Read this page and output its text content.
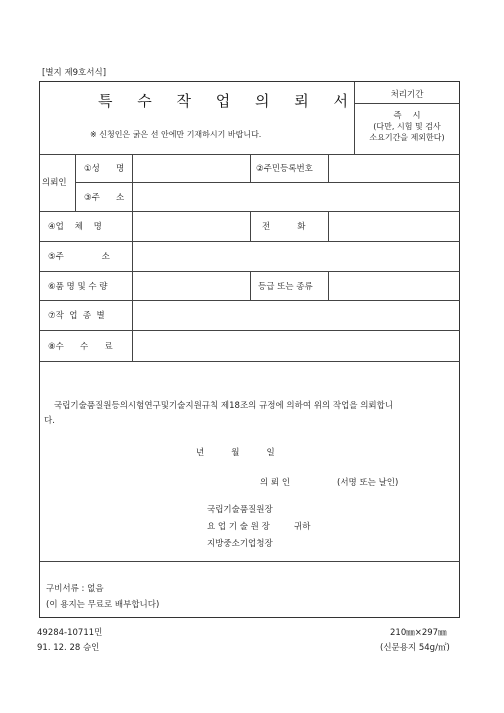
[별지 제9호서식]
특 수 작 업 의 뢰 서
※ 신청인은 굵은 선 안에만 기재하시기 바랍니다.
처리기간
즉    시
(다만, 시험 및 검사
소요기간을 제외한다)
의뢰인
①성      명	②주민등록번호
③주      소
④업    체    명	전          화
⑤주              소
⑥품 명 및 수 량	등급 또는 종류
⑦작  업  종  별
⑧수      수      료
국립기술품질원등의시험연구및기술지원규칙 제18조의 규정에 의하여 위의 작업을 의뢰합니
다.
년          월          일
의 뢰 인	(서명 또는 날인)
국립기술품질원장
요 업 기 술 원 장	귀하
지방중소기업청장
구비서류 : 없음
(이 용지는 무료로 배부합니다)
49284-10711민
91. 12. 28 승인
210㎜×297㎜
(신문용지 54g/㎡)
